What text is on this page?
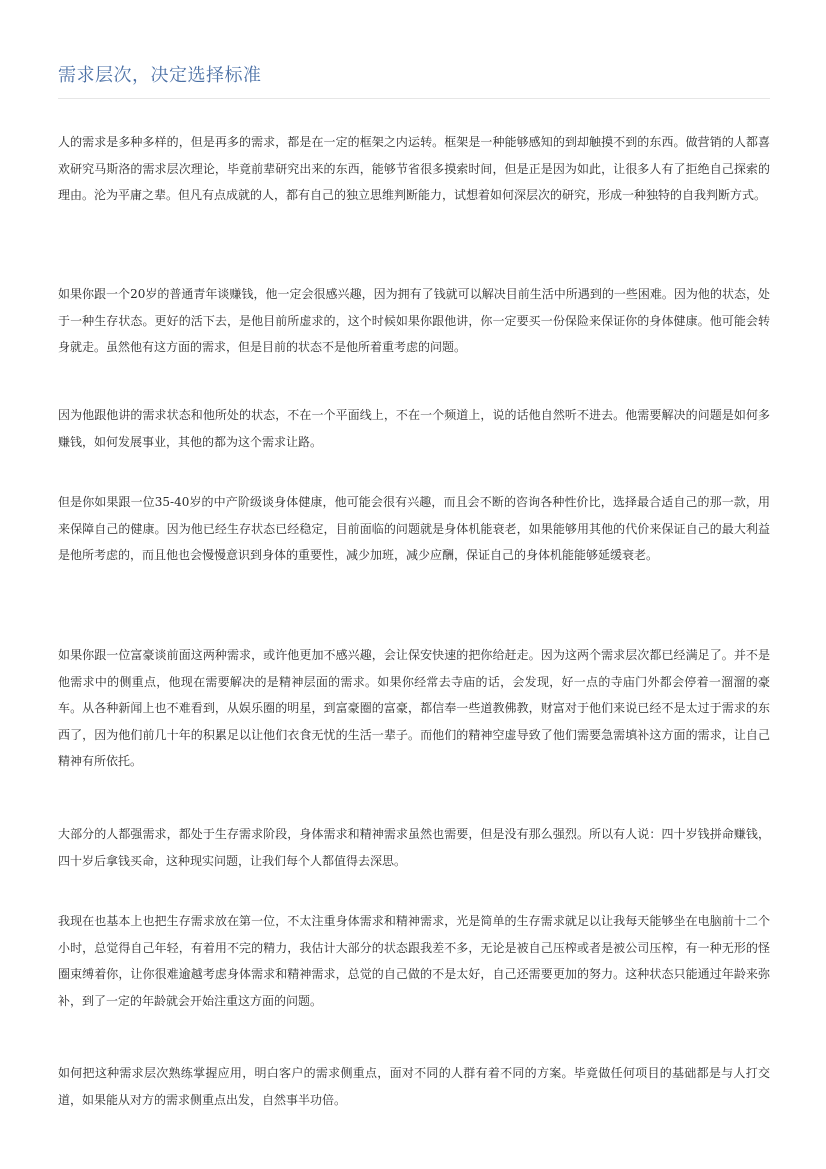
需求层次，决定选择标准

人的需求是多种多样的，但是再多的需求，都是在一定的框架之内运转。框架是一种能够感知的到却触摸不到的东西。做营销的人都喜欢研究马斯洛的需求层次理论，毕竟前辈研究出来的东西，能够节省很多摸索时间，但是正是因为如此，让很多人有了拒绝自己探索的理由。沦为平庸之辈。但凡有点成就的人，都有自己的独立思维判断能力，试想着如何深层次的研究，形成一种独特的自我判断方式。

如果你跟一个20岁的普通青年谈赚钱，他一定会很感兴趣，因为拥有了钱就可以解决目前生活中所遇到的一些困难。因为他的状态，处于一种生存状态。更好的活下去，是他目前所虚求的，这个时候如果你跟他讲，你一定要买一份保险来保证你的身体健康。他可能会转身就走。虽然他有这方面的需求，但是目前的状态不是他所着重考虑的问题。

因为他跟他讲的需求状态和他所处的状态，不在一个平面线上，不在一个频道上，说的话他自然听不进去。他需要解决的问题是如何多赚钱，如何发展事业，其他的都为这个需求让路。

但是你如果跟一位35-40岁的中产阶级谈身体健康，他可能会很有兴趣，而且会不断的咨询各种性价比，选择最合适自己的那一款，用来保障自己的健康。因为他已经生存状态已经稳定，目前面临的问题就是身体机能衰老，如果能够用其他的代价来保证自己的最大利益是他所考虑的，而且他也会慢慢意识到身体的重要性，减少加班，减少应酬，保证自己的身体机能能够延缓衰老。

如果你跟一位富豪谈前面这两种需求，或许他更加不感兴趣，会让保安快速的把你给赶走。因为这两个需求层次都已经满足了。并不是他需求中的侧重点，他现在需要解决的是精神层面的需求。如果你经常去寺庙的话，会发现，好一点的寺庙门外都会停着一溜溜的豪车。从各种新闻上也不难看到，从娱乐圈的明星，到富豪圈的富豪，都信奉一些道教佛教，财富对于他们来说已经不是太过于需求的东西了，因为他们前几十年的积累足以让他们衣食无忧的生活一辈子。而他们的精神空虚导致了他们需要急需填补这方面的需求，让自己精神有所依托。

大部分的人都强需求，都处于生存需求阶段，身体需求和精神需求虽然也需要，但是没有那么强烈。所以有人说：四十岁钱拼命赚钱，四十岁后拿钱买命，这种现实问题，让我们每个人都值得去深思。

我现在也基本上也把生存需求放在第一位，不太注重身体需求和精神需求，光是简单的生存需求就足以让我每天能够坐在电脑前十二个小时，总觉得自己年轻，有着用不完的精力，我估计大部分的状态跟我差不多，无论是被自己压榨或者是被公司压榨，有一种无形的怪圈束缚着你，让你很难逾越考虑身体需求和精神需求，总觉的自己做的不是太好，自己还需要更加的努力。这种状态只能通过年龄来弥补，到了一定的年龄就会开始注重这方面的问题。

如何把这种需求层次熟练掌握应用，明白客户的需求侧重点，面对不同的人群有着不同的方案。毕竟做任何项目的基础都是与人打交道，如果能从对方的需求侧重点出发，自然事半功倍。
